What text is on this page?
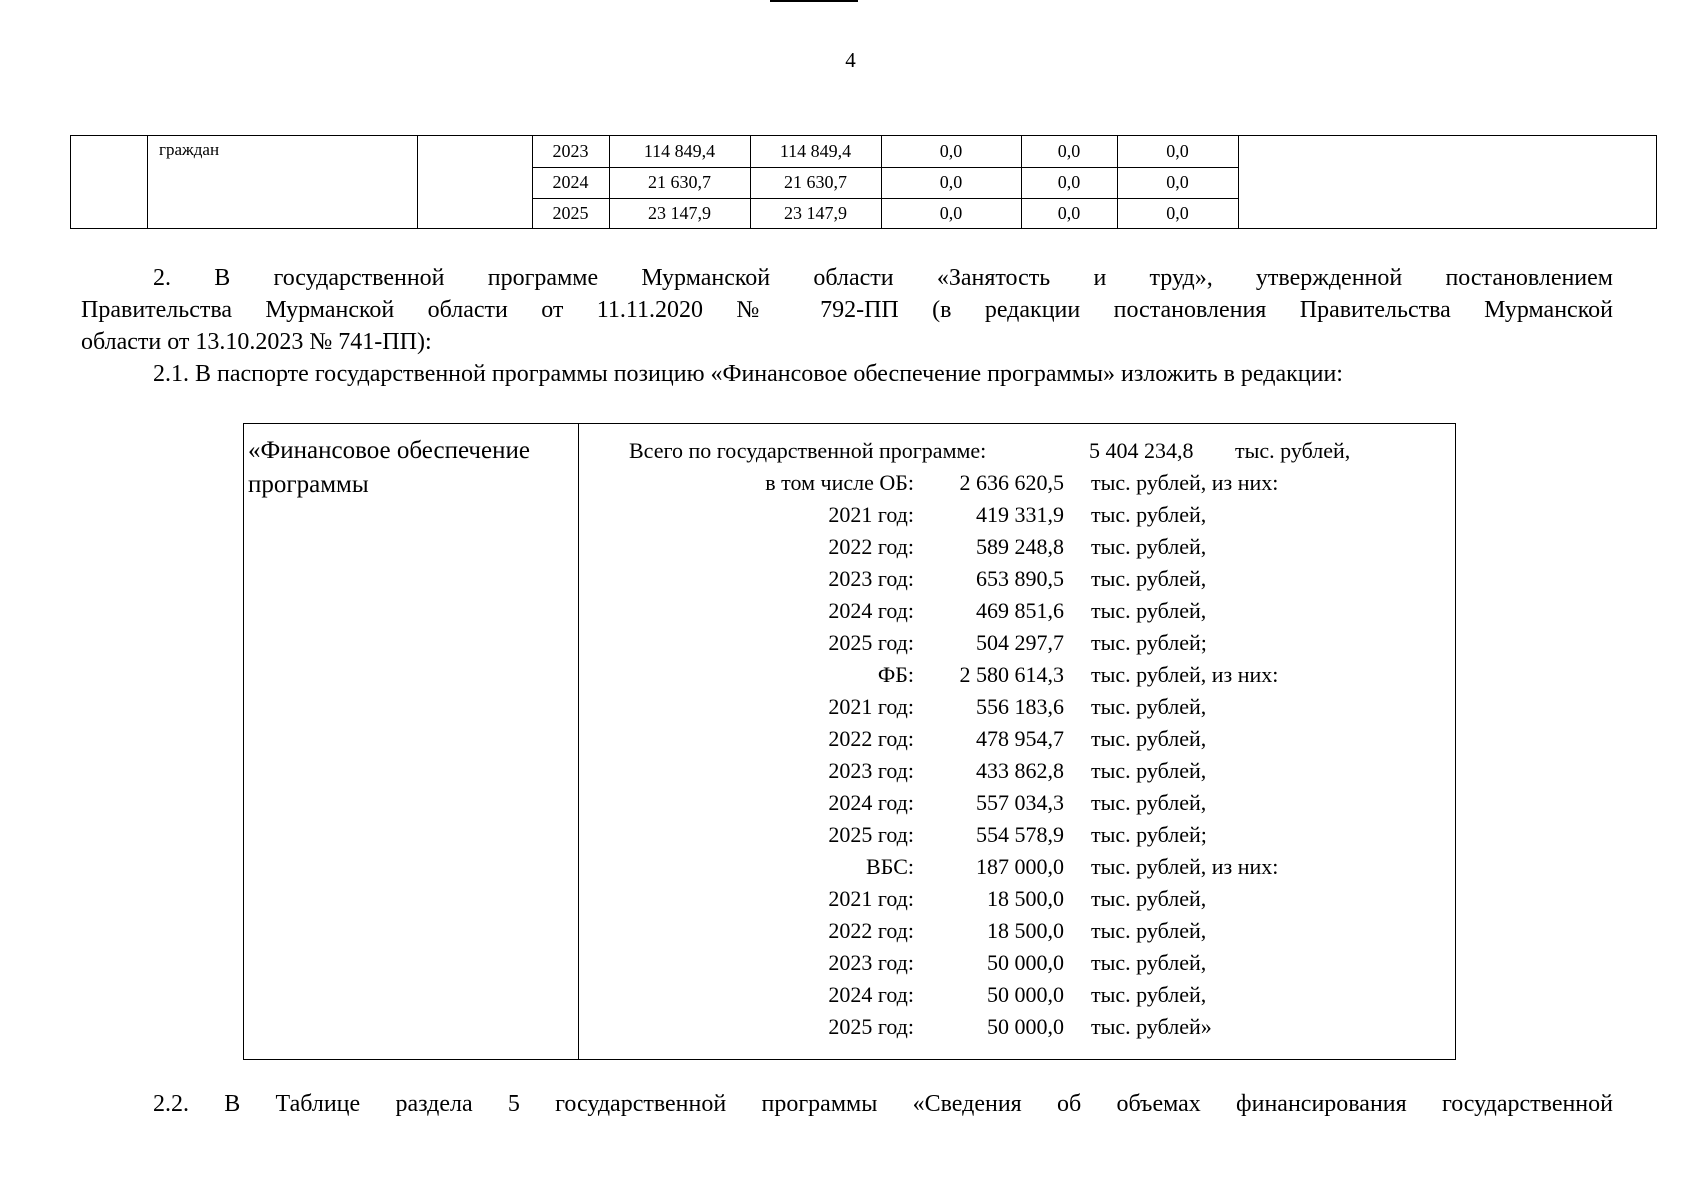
4
граждан	2023	114 849,4	114 849,4	0,0	0,0	0,0
2024	21 630,7	21 630,7	0,0	0,0	0,0
2025	23 147,9	23 147,9	0,0	0,0	0,0
2. В государственной программе Мурманской области «Занятость и труд», утвержденной постановлением
Правительства Мурманской области от 11.11.2020 № 792-ПП (в редакции постановления Правительства Мурманской
области от 13.10.2023 № 741-ПП):
2.1. В паспорте государственной программы позицию «Финансовое обеспечение программы» изложить в редакции:
«Финансовое обеспечение
программы
Всего по государственной программе:	5 404 234,8 тыс. рублей,
в том числе ОБ:	2 636 620,5 тыс. рублей, из них:
2021 год:	419 331,9 тыс. рублей,
2022 год:	589 248,8 тыс. рублей,
2023 год:	653 890,5 тыс. рублей,
2024 год:	469 851,6 тыс. рублей,
2025 год:	504 297,7 тыс. рублей;
ФБ:	2 580 614,3 тыс. рублей, из них:
2021 год:	556 183,6 тыс. рублей,
2022 год:	478 954,7 тыс. рублей,
2023 год:	433 862,8 тыс. рублей,
2024 год:	557 034,3 тыс. рублей,
2025 год:	554 578,9 тыс. рублей;
ВБС:	187 000,0 тыс. рублей, из них:
2021 год:	18 500,0 тыс. рублей,
2022 год:	18 500,0 тыс. рублей,
2023 год:	50 000,0 тыс. рублей,
2024 год:	50 000,0 тыс. рублей,
2025 год:	50 000,0 тыс. рублей»
2.2. В Таблице раздела 5 государственной программы «Сведения об объемах финансирования государственной
